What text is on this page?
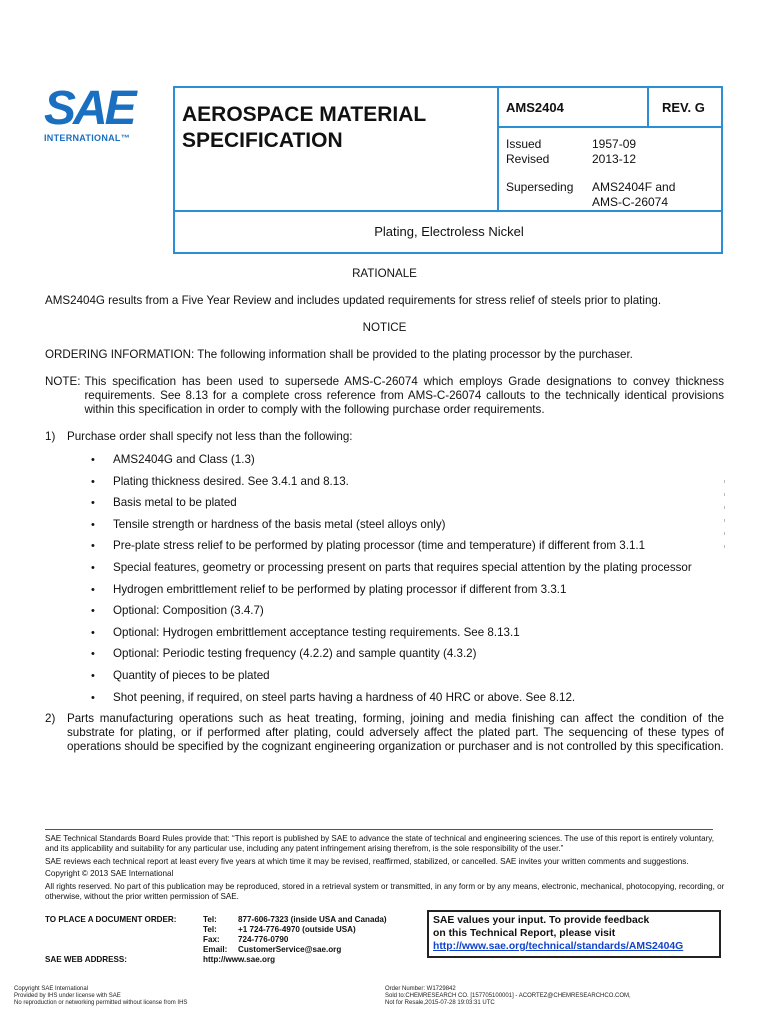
SAE
INTERNATIONAL™
AEROSPACE MATERIAL SPECIFICATION
AMS2404	REV. G
Issued	1957-09
Revised	2013-12
Superseding	AMS2404F and
AMS-C-26074
Plating, Electroless Nickel
RATIONALE
AMS2404G results from a Five Year Review and includes updated requirements for stress relief of steels prior to plating.
NOTICE
ORDERING INFORMATION: The following information shall be provided to the plating processor by the purchaser.
NOTE: This specification has been used to supersede AMS-C-26074 which employs Grade designations to convey thickness requirements. See 8.13 for a complete cross reference from AMS-C-26074 callouts to the technically identical provisions within this specification in order to comply with the following purchase order requirements.
1)	Purchase order shall specify not less than the following:
•	AMS2404G and Class (1.3)
•	Plating thickness desired. See 3.4.1 and 8.13.
•	Basis metal to be plated
•	Tensile strength or hardness of the basis metal (steel alloys only)
•	Pre-plate stress relief to be performed by plating processor (time and temperature) if different from 3.1.1
•	Special features, geometry or processing present on parts that requires special attention by the plating processor
•	Hydrogen embrittlement relief to be performed by plating processor if different from 3.3.1
•	Optional: Composition (3.4.7)
•	Optional: Hydrogen embrittlement acceptance testing requirements. See 8.13.1
•	Optional: Periodic testing frequency (4.2.2) and sample quantity (4.3.2)
•	Quantity of pieces to be plated
•	Shot peening, if required, on steel parts having a hardness of 40 HRC or above. See 8.12.
2)	Parts manufacturing operations such as heat treating, forming, joining and media finishing can affect the condition of the substrate for plating, or if performed after plating, could adversely affect the plated part. The sequencing of these types of operations should be specified by the cognizant engineering organization or purchaser and is not controlled by this specification.
SAE Technical Standards Board Rules provide that: “This report is published by SAE to advance the state of technical and engineering sciences. The use of this report is entirely voluntary, and its applicability and suitability for any particular use, including any patent infringement arising therefrom, is the sole responsibility of the user.”
SAE reviews each technical report at least every five years at which time it may be revised, reaffirmed, stabilized, or cancelled. SAE invites your written comments and suggestions.
Copyright © 2013 SAE International
All rights reserved. No part of this publication may be reproduced, stored in a retrieval system or transmitted, in any form or by any means, electronic, mechanical, photocopying, recording, or otherwise, without the prior written permission of SAE.
TO PLACE A DOCUMENT ORDER:	Tel:	877-606-7323 (inside USA and Canada)
Tel:	+1 724-776-4970 (outside USA)
Fax:	724-776-0790
Email:	CustomerService@sae.org
SAE WEB ADDRESS:	http://www.sae.org
SAE values your input. To provide feedback
on this Technical Report, please visit
http://www.sae.org/technical/standards/AMS2404G
Copyright SAE International
Provided by IHS under license with SAE
No reproduction or networking permitted without license from IHS
Order Number: W1729842
Sold to:CHEMRESEARCH CO. [157705100001] - ACORTEZ@CHEMRESEARCHCO.COM,
Not for Resale,2015-07-28 19:03:31 UTC
